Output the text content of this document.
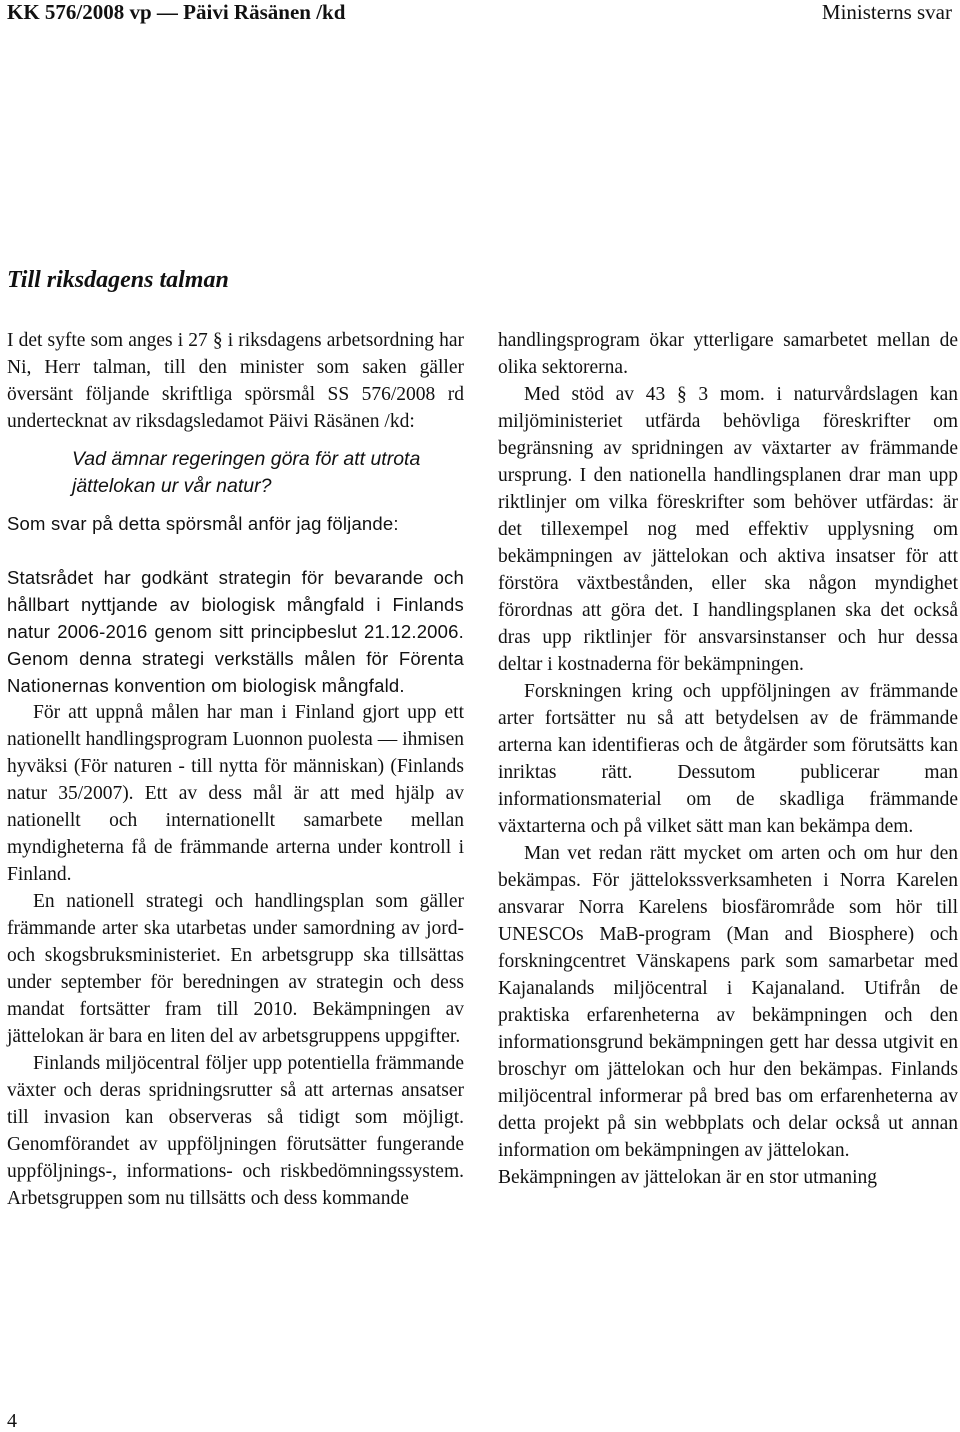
KK 576/2008 vp — Päivi Räsänen /kd	Ministerns svar
Till riksdagens talman

I det syfte som anges i 27 § i riksdagens arbetsordning har Ni, Herr talman, till den minister som saken gäller översänt följande skriftliga spörsmål SS 576/2008 rd undertecknat av riksdagsledamot Päivi Räsänen /kd:

Vad ämnar regeringen göra för att utrota jättelokan ur vår natur?

Som svar på detta spörsmål anför jag följande:

Statsrådet har godkänt strategin för bevarande och hållbart nyttjande av biologisk mångfald i Finlands natur 2006-2016 genom sitt principbeslut 21.12.2006. Genom denna strategi verkställs målen för Förenta Nationernas konvention om biologisk mångfald.

För att uppnå målen har man i Finland gjort upp ett nationellt handlingsprogram Luonnon puolesta — ihmisen hyväksi (För naturen - till nytta för människan) (Finlands natur 35/2007). Ett av dess mål är att med hjälp av nationellt och internationellt samarbete mellan myndigheterna få de främmande arterna under kontroll i Finland.

En nationell strategi och handlingsplan som gäller främmande arter ska utarbetas under samordning av jord- och skogsbruksministeriet. En arbetsgrupp ska tillsättas under september för beredningen av strategin och dess mandat fortsätter fram till 2010. Bekämpningen av jättelokan är bara en liten del av arbetsgruppens uppgifter.

Finlands miljöcentral följer upp potentiella främmande växter och deras spridningsrutter så att arternas ansatser till invasion kan observeras så tidigt som möjligt. Genomförandet av uppföljningen förutsätter fungerande uppföljnings-, informations- och riskbedömningssystem. Arbetsgruppen som nu tillsätts och dess kommande

handlingsprogram ökar ytterligare samarbetet mellan de olika sektorerna.

Med stöd av 43 § 3 mom. i naturvårdslagen kan miljöministeriet utfärda behövliga föreskrifter om begränsning av spridningen av växtarter av främmande ursprung. I den nationella handlingsplanen drar man upp riktlinjer om vilka föreskrifter som behöver utfärdas: är det tillexempel nog med effektiv upplysning om bekämpningen av jättelokan och aktiva insatser för att förstöra växtbestånden, eller ska någon myndighet förordnas att göra det. I handlingsplanen ska det också dras upp riktlinjer för ansvarsinstanser och hur dessa deltar i kostnaderna för bekämpningen.

Forskningen kring och uppföljningen av främmande arter fortsätter nu så att betydelsen av de främmande arterna kan identifieras och de åtgärder som förutsätts kan inriktas rätt. Dessutom publicerar man informationsmaterial om de skadliga främmande växtarterna och på vilket sätt man kan bekämpa dem.

Man vet redan rätt mycket om arten och om hur den bekämpas. För jättelokssverksamheten i Norra Karelen ansvarar Norra Karelens biosfärområde som hör till UNESCOs MaB-program (Man and Biosphere) och forskningcentret Vänskapens park som samarbetar med Kajanalands miljöcentral i Kajanaland. Utifrån de praktiska erfarenheterna av bekämpningen och den informationsgrund bekämpningen gett har dessa utgivit en broschyr om jättelokan och hur den bekämpas. Finlands miljöcentral informerar på bred bas om erfarenheterna av detta projekt på sin webbplats och delar också ut annan information om bekämpningen av jättelokan.

Bekämpningen av jättelokan är en stor utmaning

4
